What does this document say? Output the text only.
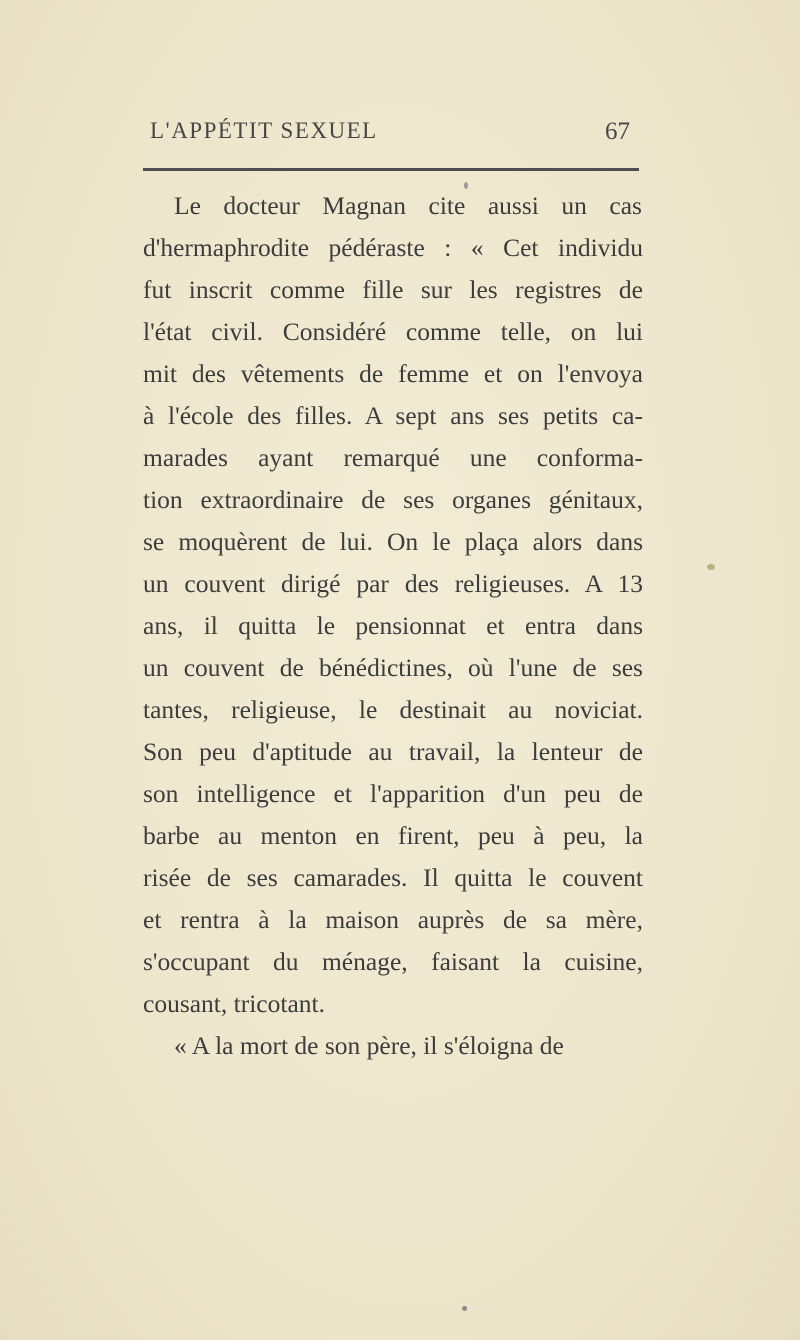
L'APPÉTIT SEXUEL	67
Le docteur Magnan cite aussi un cas
d'hermaphrodite pédéraste : « Cet individu
fut inscrit comme fille sur les registres de
l'état civil. Considéré comme telle, on lui
mit des vêtements de femme et on l'envoya
à l'école des filles. A sept ans ses petits ca-
marades ayant remarqué une conforma-
tion extraordinaire de ses organes génitaux,
se moquèrent de lui. On le plaça alors dans
un couvent dirigé par des religieuses. A 13
ans, il quitta le pensionnat et entra dans
un couvent de bénédictines, où l'une de ses
tantes, religieuse, le destinait au noviciat.
Son peu d'aptitude au travail, la lenteur de
son intelligence et l'apparition d'un peu de
barbe au menton en firent, peu à peu, la
risée de ses camarades. Il quitta le couvent
et rentra à la maison auprès de sa mère,
s'occupant du ménage, faisant la cuisine,
cousant, tricotant.
« A la mort de son père, il s'éloigna de
